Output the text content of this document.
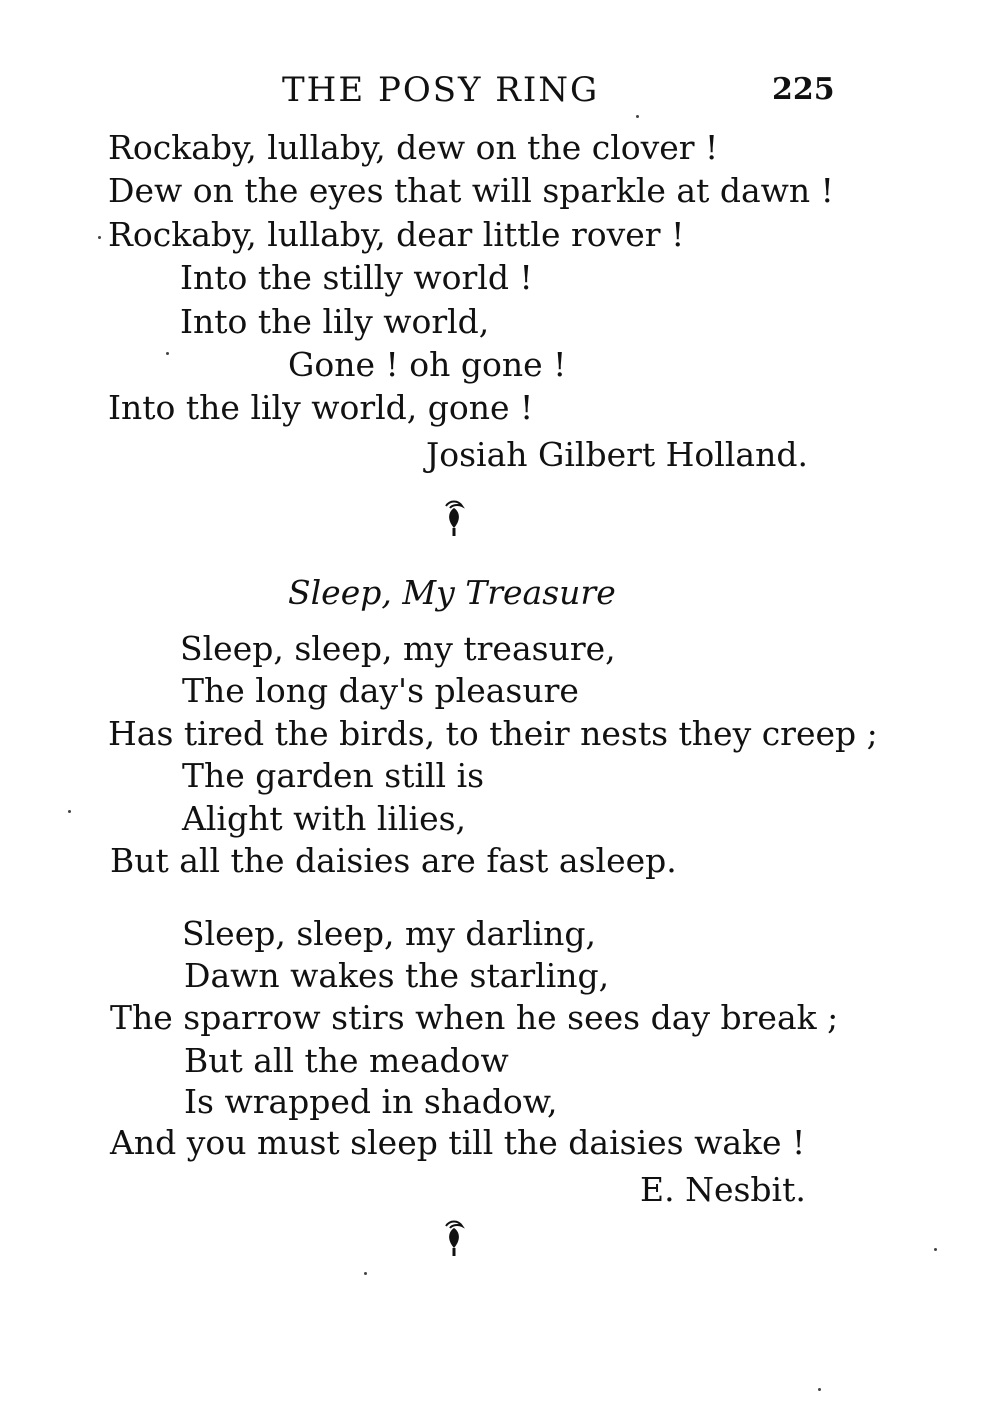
THE POSY RING	225
Rockaby, lullaby, dew on the clover !
Dew on the eyes that will sparkle at dawn !
Rockaby, lullaby, dear little rover !
Into the stilly world !
Into the lily world,
Gone ! oh gone !
Into the lily world, gone !
Josiah Gilbert Holland.
Sleep, My Treasure
Sleep, sleep, my treasure,
The long day's pleasure
Has tired the birds, to their nests they creep ;
The garden still is
Alight with lilies,
But all the daisies are fast asleep.
Sleep, sleep, my darling,
Dawn wakes the starling,
The sparrow stirs when he sees day break ;
But all the meadow
Is wrapped in shadow,
And you must sleep till the daisies wake !
E. Nesbit.
